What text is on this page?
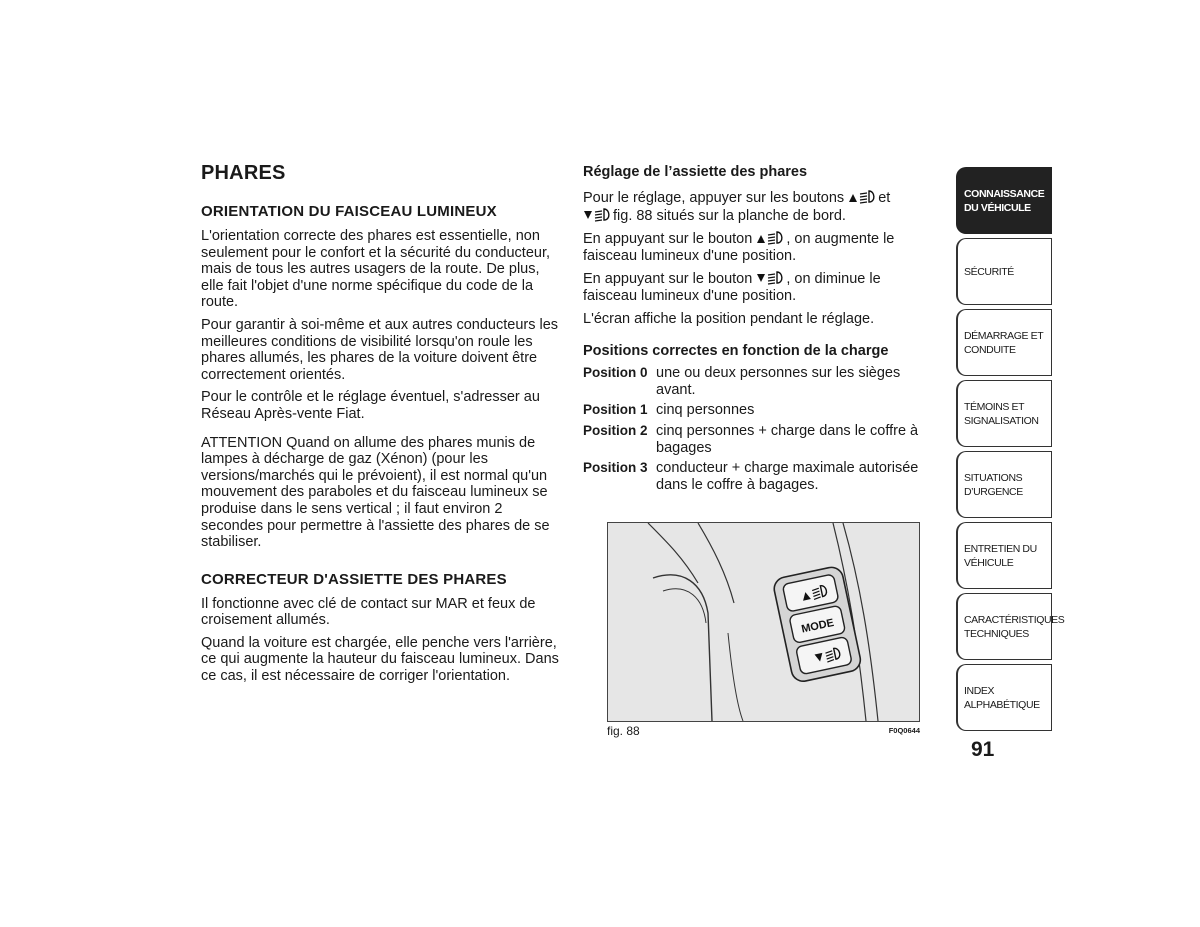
PHARES
ORIENTATION DU FAISCEAU LUMINEUX

L'orientation correcte des phares est essentielle, non seulement pour le confort et la sécurité du conducteur, mais de tous les autres usagers de la route. De plus, elle fait l'objet d'une norme spécifique du code de la route.

Pour garantir à soi-même et aux autres conducteurs les meilleures conditions de visibilité lorsqu'on roule les phares allumés, les phares de la voiture doivent être correctement orientés.

Pour le contrôle et le réglage éventuel, s'adresser au Réseau Après-vente Fiat.

ATTENTION Quand on allume des phares munis de lampes à décharge de gaz (Xénon) (pour les versions/marchés qui le prévoient), il est normal qu'un mouvement des paraboles et du faisceau lumineux se produise dans le sens vertical ; il faut environ 2 secondes pour permettre à l'assiette des phares de se stabiliser.

CORRECTEUR D'ASSIETTE DES PHARES

Il fonctionne avec clé de contact sur MAR et feux de croisement allumés.

Quand la voiture est chargée, elle penche vers l'arrière, ce qui augmente la hauteur du faisceau lumineux. Dans ce cas, il est nécessaire de corriger l'orientation.

Réglage de l’assiette des phares

Pour le réglage, appuyer sur les boutons et
fig. 88 situés sur la planche de bord.

En appuyant sur le bouton , on augmente le faisceau lumineux d'une position.

En appuyant sur le bouton , on diminue le faisceau lumineux d'une position.

L'écran affiche la position pendant le réglage.

Positions correctes en fonction de la charge
Position 0 une ou deux personnes sur les sièges avant.
Position 1 cinq personnes
Position 2 cinq personnes + charge dans le coffre à bagages
Position 3 conducteur + charge maximale autorisée dans le coffre à bagages.
MODE
fig. 88	F0Q0644
CONNAISSANCE
DU VÉHICULE
SÉCURITÉ
DÉMARRAGE ET
CONDUITE
TÉMOINS ET
SIGNALISATION
SITUATIONS
D’URGENCE
ENTRETIEN DU
VÉHICULE
CARACTÉRISTIQUES
TECHNIQUES
INDEX
ALPHABÉTIQUE
91
